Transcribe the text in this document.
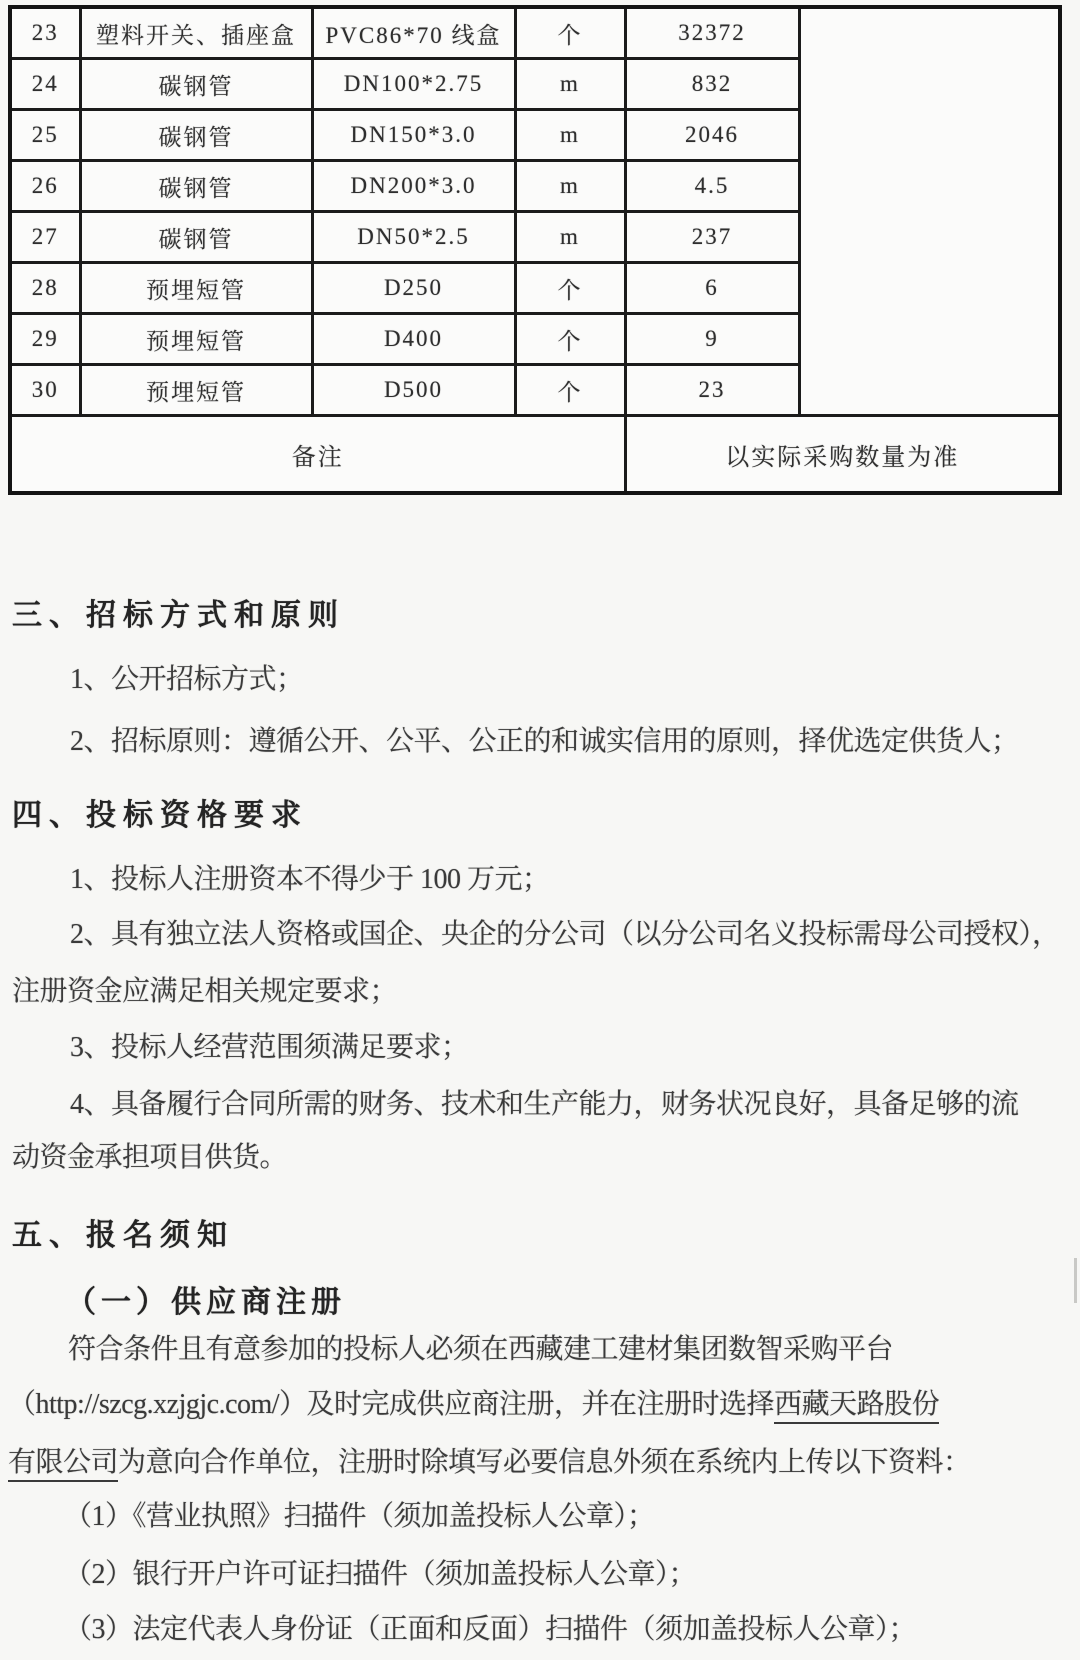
23	塑料开关、插座盒	PVC86*70 线盒	个	32372	
24	碳钢管	DN100*2.75	m	832	
25	碳钢管	DN150*3.0	m	2046	
26	碳钢管	DN200*3.0	m	4.5	
27	碳钢管	DN50*2.5	m	237	
28	预埋短管	D250	个	6	
29	预埋短管	D400	个	9	
30	预埋短管	D500	个	23	
备注				以实际采购数量为准	
三、招标方式和原则
1、公开招标方式；
2、招标原则：遵循公开、公平、公正的和诚实信用的原则，择优选定供货人；
四、投标资格要求
1、投标人注册资本不得少于 100 万元；
2、具有独立法人资格或国企、央企的分公司（以分公司名义投标需母公司授权），
注册资金应满足相关规定要求；
3、投标人经营范围须满足要求；
4、具备履行合同所需的财务、技术和生产能力，财务状况良好，具备足够的流
动资金承担项目供货。
五、报名须知
（一）供应商注册
符合条件且有意参加的投标人必须在西藏建工建材集团数智采购平台
（http://szcg.xzjgjc.com/）及时完成供应商注册，并在注册时选择西藏天路股份
有限公司为意向合作单位，注册时除填写必要信息外须在系统内上传以下资料：
（1）《营业执照》扫描件（须加盖投标人公章）；
（2）银行开户许可证扫描件（须加盖投标人公章）；
（3）法定代表人身份证（正面和反面）扫描件（须加盖投标人公章）；
